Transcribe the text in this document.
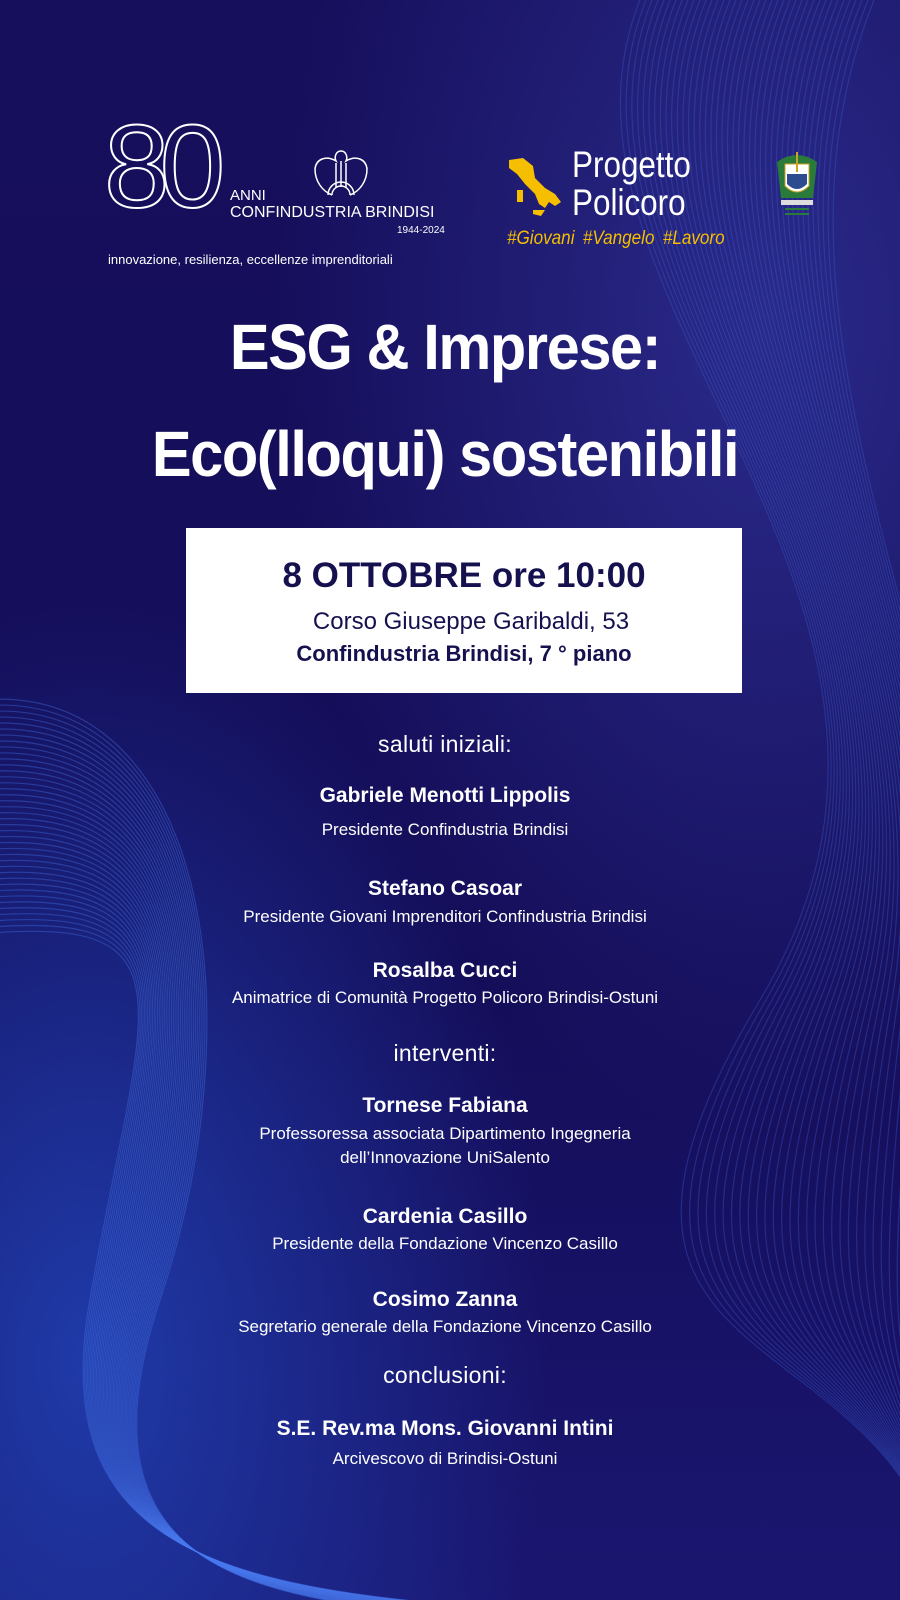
80 ANNI
CONFINDUSTRIA BRINDISI
1944-2024
innovazione, resilienza, eccellenze imprenditoriali
Progetto
Policoro
#Giovani #Vangelo #Lavoro
ESG & Imprese:
Eco(lloqui) sostenibili
8 OTTOBRE ore 10:00
Corso Giuseppe Garibaldi, 53
Confindustria Brindisi, 7 ° piano
saluti iniziali:
Gabriele Menotti Lippolis
Presidente Confindustria Brindisi
Stefano Casoar
Presidente Giovani Imprenditori Confindustria Brindisi
Rosalba Cucci
Animatrice di Comunità Progetto Policoro Brindisi-Ostuni
interventi:
Tornese Fabiana
Professoressa associata Dipartimento Ingegneria
dell’Innovazione UniSalento
Cardenia Casillo
Presidente della Fondazione Vincenzo Casillo
Cosimo Zanna
Segretario generale della Fondazione Vincenzo Casillo
conclusioni:
S.E. Rev.ma Mons. Giovanni Intini
Arcivescovo di Brindisi-Ostuni
